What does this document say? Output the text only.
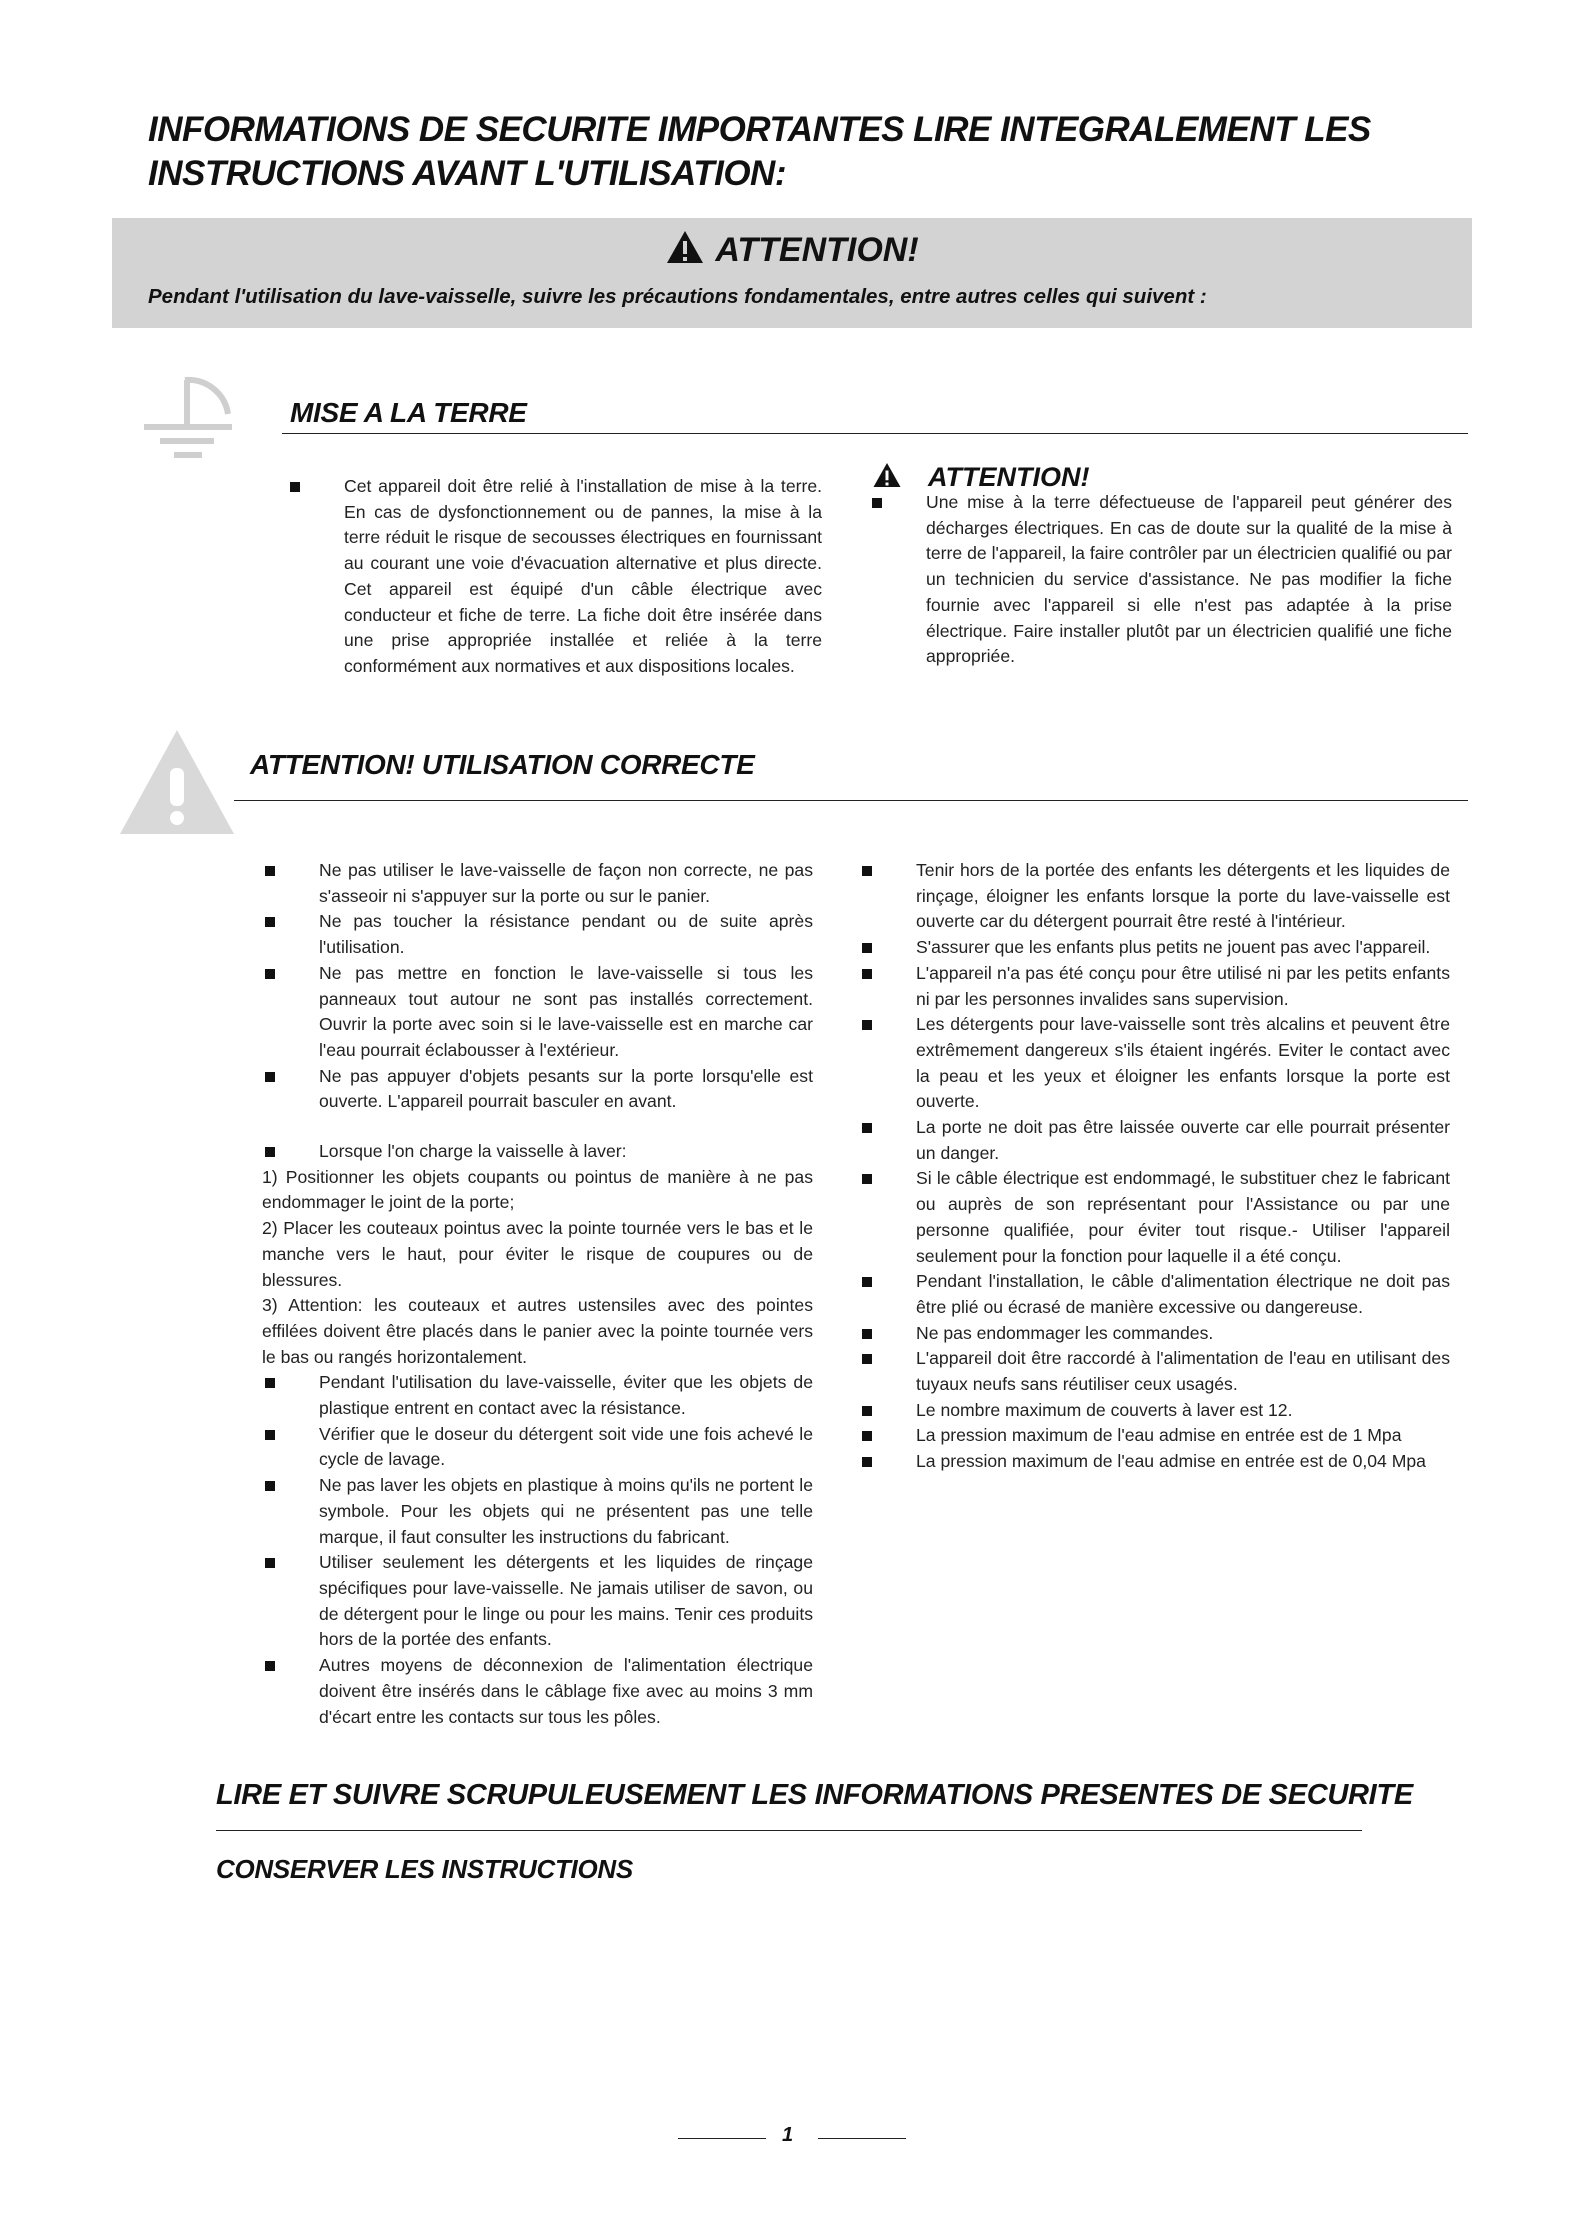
INFORMATIONS DE SECURITE IMPORTANTES LIRE INTEGRALEMENT LES
INSTRUCTIONS AVANT L'UTILISATION:
ATTENTION!
Pendant l'utilisation du lave-vaisselle, suivre les précautions fondamentales, entre autres celles qui suivent :
MISE A LA TERRE
Cet appareil doit être relié à l'installation de mise à la terre. En cas de dysfonctionnement ou de pannes, la mise à la terre réduit le risque de secousses électriques en fournissant au courant une voie d'évacuation alternative et plus directe. Cet appareil est équipé d'un câble électrique avec conducteur et fiche de terre. La fiche doit être insérée dans une prise appropriée installée et reliée à la terre conformément aux normatives et aux dispositions locales.
ATTENTION!
Une mise à la terre défectueuse de l'appareil peut générer des décharges électriques. En cas de doute sur la qualité de la mise à terre de l'appareil, la faire contrôler par un électricien qualifié ou par un technicien du service d'assistance. Ne pas modifier la fiche fournie avec l'appareil si elle n'est pas adaptée à la prise électrique. Faire installer plutôt par un électricien qualifié une fiche appropriée.
ATTENTION! UTILISATION CORRECTE
Ne pas utiliser le lave-vaisselle de façon non correcte, ne pas s'asseoir ni s'appuyer sur la porte ou sur le panier.
Ne pas toucher la résistance pendant ou de suite après l'utilisation.
Ne pas mettre en fonction le lave-vaisselle si tous les panneaux tout autour ne sont pas installés correctement. Ouvrir la porte avec soin si le lave-vaisselle est en marche car l'eau pourrait éclabousser à l'extérieur.
Ne pas appuyer d'objets pesants sur la porte lorsqu'elle est ouverte. L'appareil pourrait basculer en avant.
Lorsque l'on charge la vaisselle à laver:
1) Positionner les objets coupants ou pointus de manière à ne pas endommager le joint de la porte;
2) Placer les couteaux pointus avec la pointe tournée vers le bas et le manche vers le haut, pour éviter le risque de coupures ou de blessures.
3) Attention: les couteaux et autres ustensiles avec des pointes effilées doivent être placés dans le panier avec la pointe tournée vers le bas ou rangés horizontalement.
Pendant l'utilisation du lave-vaisselle, éviter que les objets de plastique entrent en contact avec la résistance.
Vérifier que le doseur du détergent soit vide une fois achevé le cycle de lavage.
Ne pas laver les objets en plastique à moins qu'ils ne portent le symbole. Pour les objets qui ne présentent pas une telle marque, il faut consulter les instructions du fabricant.
Utiliser seulement les détergents et les liquides de rinçage spécifiques pour lave-vaisselle. Ne jamais utiliser de savon, ou de détergent pour le linge ou pour les mains. Tenir ces produits hors de la portée des enfants.
Autres moyens de déconnexion de l'alimentation électrique doivent être insérés dans le câblage fixe avec au moins 3 mm d'écart entre les contacts sur tous les pôles.
Tenir hors de la portée des enfants les détergents et les liquides de rinçage, éloigner les enfants lorsque la porte du lave-vaisselle est ouverte car du détergent pourrait être resté à l'intérieur.
S'assurer que les enfants plus petits ne jouent pas avec l'appareil.
L'appareil n'a pas été conçu pour être utilisé ni par les petits enfants ni par les personnes invalides sans supervision.
Les détergents pour lave-vaisselle sont très alcalins et peuvent être extrêmement dangereux s'ils étaient ingérés. Eviter le contact avec la peau et les yeux et éloigner les enfants lorsque la porte est ouverte.
La porte ne doit pas être laissée ouverte car elle pourrait présenter un danger.
Si le câble électrique est endommagé, le substituer chez le fabricant ou auprès de son représentant pour l'Assistance ou par une personne qualifiée, pour éviter tout risque.- Utiliser l'appareil seulement pour la fonction pour laquelle il a été conçu.
Pendant l'installation, le câble d'alimentation électrique ne doit pas être plié ou écrasé de manière excessive ou dangereuse.
Ne pas endommager les commandes.
L'appareil doit être raccordé à l'alimentation de l'eau en utilisant des tuyaux neufs sans réutiliser ceux usagés.
Le nombre maximum de couverts à laver est 12.
La pression maximum de l'eau admise en entrée est de 1 Mpa
La pression maximum de l'eau admise en entrée est de 0,04 Mpa
LIRE ET SUIVRE SCRUPULEUSEMENT LES INFORMATIONS PRESENTES DE SECURITE
CONSERVER LES INSTRUCTIONS
1
